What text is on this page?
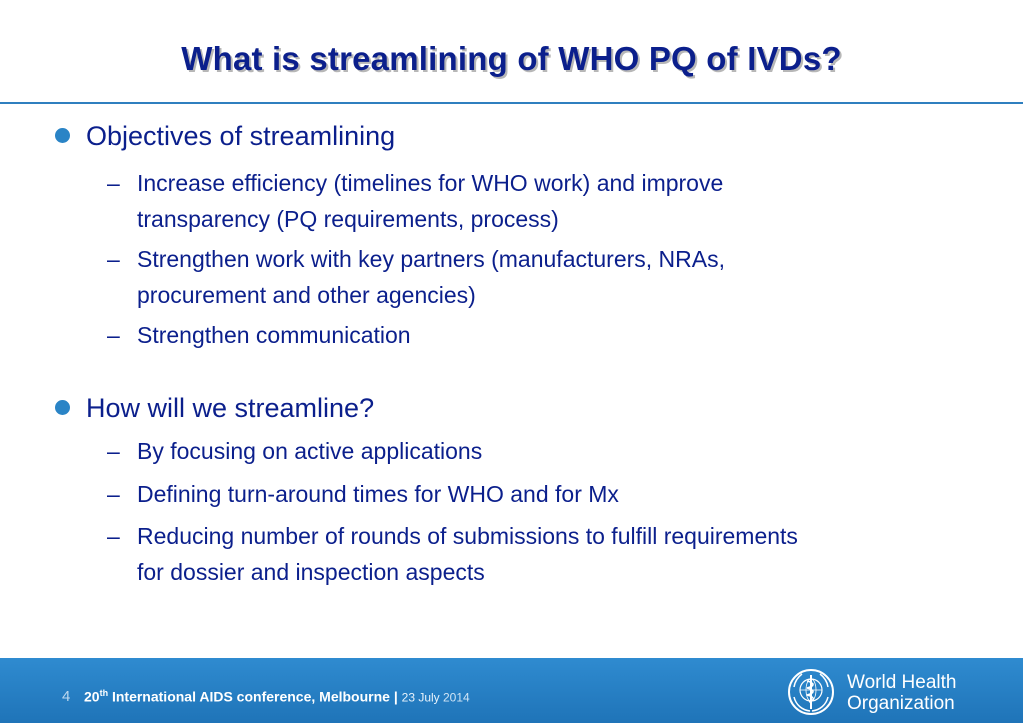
What is streamlining of WHO PQ of IVDs?
Objectives of streamlining
– Increase efficiency (timelines for WHO work) and improve
transparency (PQ requirements, process)
– Strengthen work with key partners (manufacturers, NRAs,
procurement and other agencies)
– Strengthen communication
How will we streamline?
– By focusing on active applications
– Defining turn-around times for WHO and for Mx
– Reducing number of rounds of submissions to fulfill requirements
for dossier and inspection aspects
4 20th International AIDS conference, Melbourne | 23 July 2014
World Health
Organization
